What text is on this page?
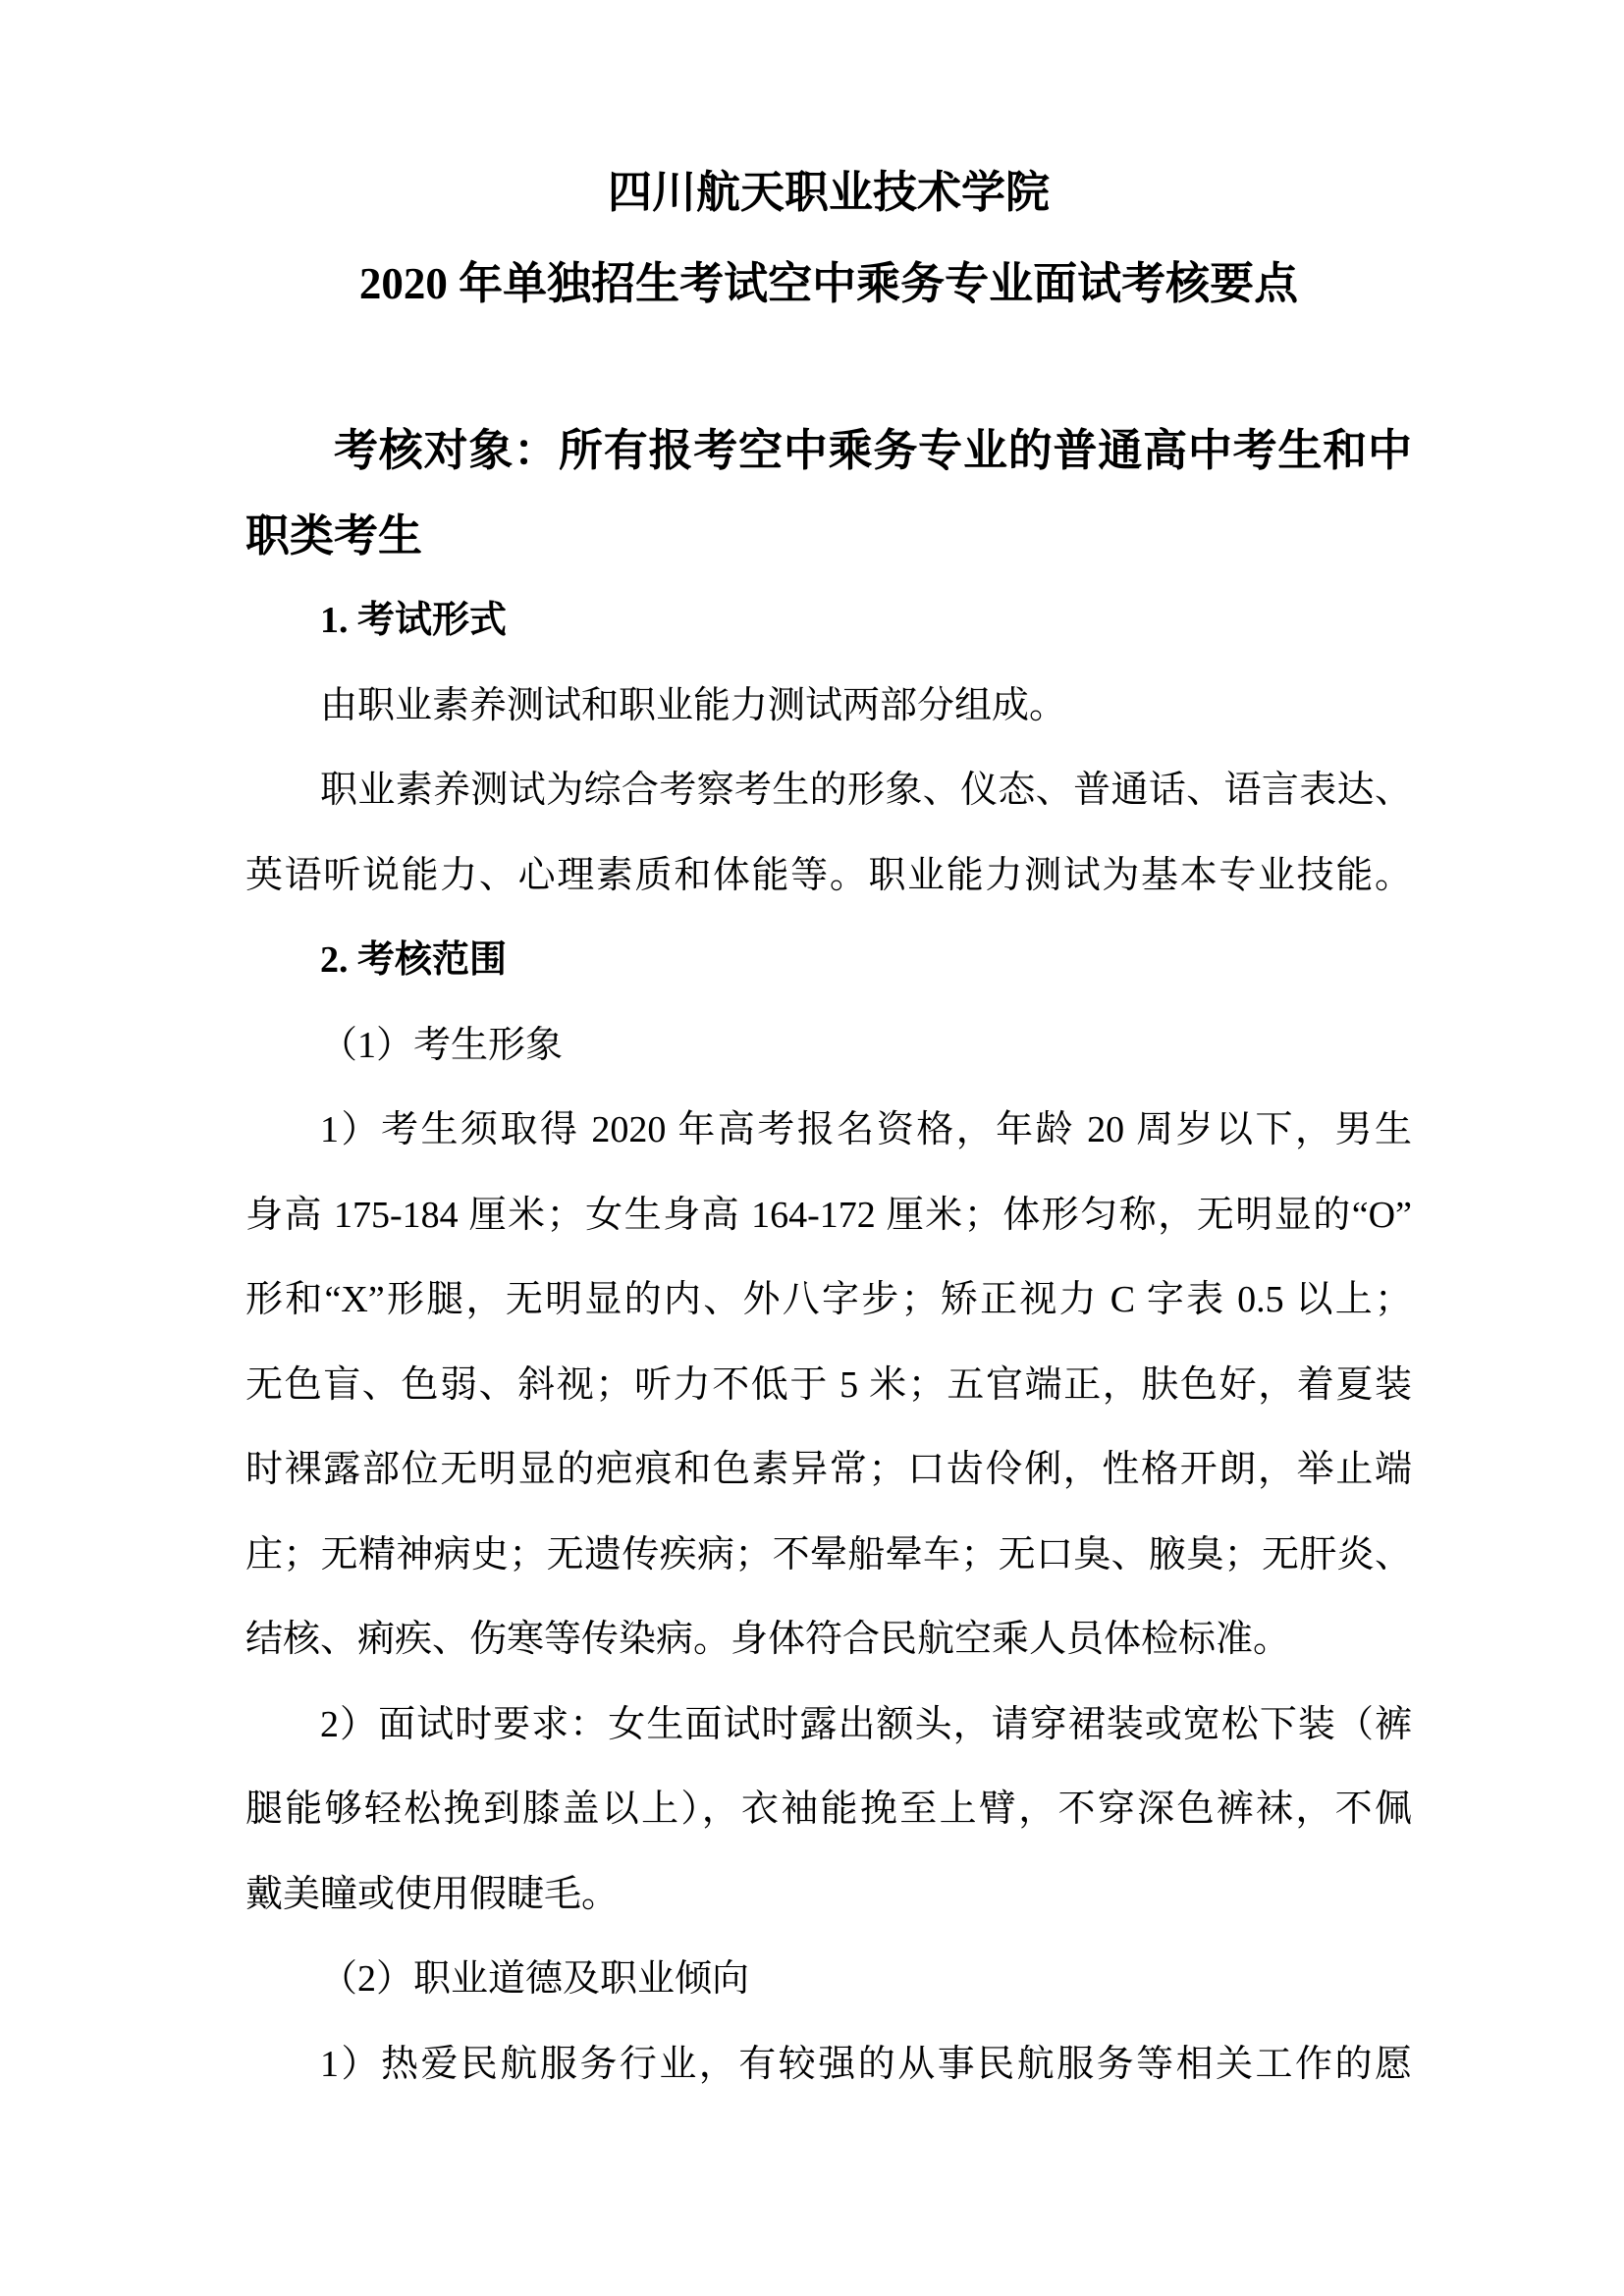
四川航天职业技术学院
2020 年单独招生考试空中乘务专业面试考核要点
考核对象：所有报考空中乘务专业的普通高中考生和中
职类考生
1. 考试形式
由职业素养测试和职业能力测试两部分组成。
职业素养测试为综合考察考生的形象、仪态、普通话、语言表达、
英语听说能力、心理素质和体能等。职业能力测试为基本专业技能。
2. 考核范围
（1）考生形象
1）考生须取得 2020 年高考报名资格，年龄 20 周岁以下，男生
身高 175-184 厘米；女生身高 164-172 厘米；体形匀称，无明显的“O”
形和“X”形腿，无明显的内、外八字步；矫正视力 C 字表 0.5 以上；
无色盲、色弱、斜视；听力不低于 5 米；五官端正，肤色好，着夏装
时裸露部位无明显的疤痕和色素异常；口齿伶俐，性格开朗，举止端
庄；无精神病史；无遗传疾病；不晕船晕车；无口臭、腋臭；无肝炎、
结核、痢疾、伤寒等传染病。身体符合民航空乘人员体检标准。
2）面试时要求：女生面试时露出额头，请穿裙装或宽松下装（裤
腿能够轻松挽到膝盖以上），衣袖能挽至上臂，不穿深色裤袜，不佩
戴美瞳或使用假睫毛。
（2）职业道德及职业倾向
1）热爱民航服务行业，有较强的从事民航服务等相关工作的愿
